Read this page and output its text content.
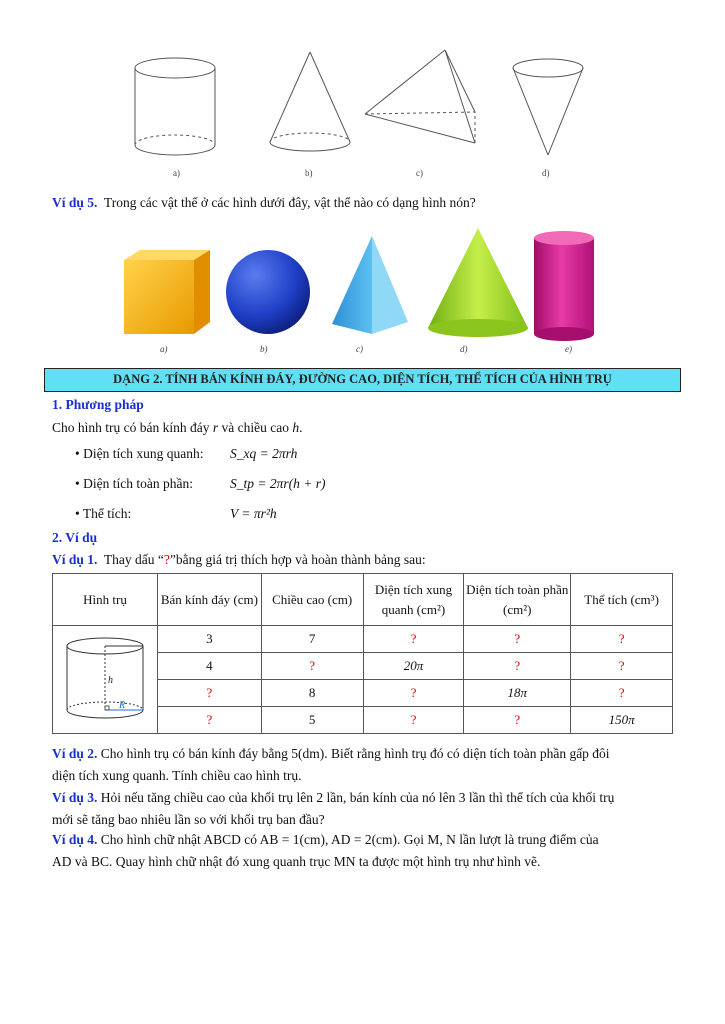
a)	b)	c)	d)
Ví dụ 5. Trong các vật thể ở các hình dưới đây, vật thể nào có dạng hình nón?
a)	b)	c)	d)	e)
DẠNG 2. TÍNH BÁN KÍNH ĐÁY, ĐƯỜNG CAO, DIỆN TÍCH, THỂ TÍCH CỦA HÌNH TRỤ
1. Phương pháp
Cho hình trụ có bán kính đáy r và chiều cao h.
• Diện tích xung quanh: S_xq = 2πrh
• Diện tích toàn phần:	S_tp = 2πr(h + r)
• Thể tích:	V = πr²h
2. Ví dụ
Ví dụ 1. Thay dấu “?”bằng giá trị thích hợp và hoàn thành bảng sau:
Hình trụ	Bán kính đáy (cm)	Chiều cao (cm)	Diện tích xung quanh (cm²)	Diện tích toàn phần (cm²)	Thể tích (cm³)

h
R	3	7	?	?	?
	4	?	20π	?	?
	?	8	?	18π	?
	?	5	?	?	150π
Ví dụ 2. Cho hình trụ có bán kính đáy bằng 5(dm). Biết rằng hình trụ đó có diện tích toàn phần gấp đôi
diện tích xung quanh. Tính chiều cao hình trụ.
Ví dụ 3. Hỏi nếu tăng chiều cao của khối trụ lên 2 lần, bán kính của nó lên 3 lần thì thể tích của khối trụ
mới sẽ tăng bao nhiêu lần so với khối trụ ban đầu?
Ví dụ 4. Cho hình chữ nhật ABCD có AB = 1(cm), AD = 2(cm). Gọi M, N lần lượt là trung điểm của
AD và BC. Quay hình chữ nhật đó xung quanh trục MN ta được một hình trụ như hình vẽ.
